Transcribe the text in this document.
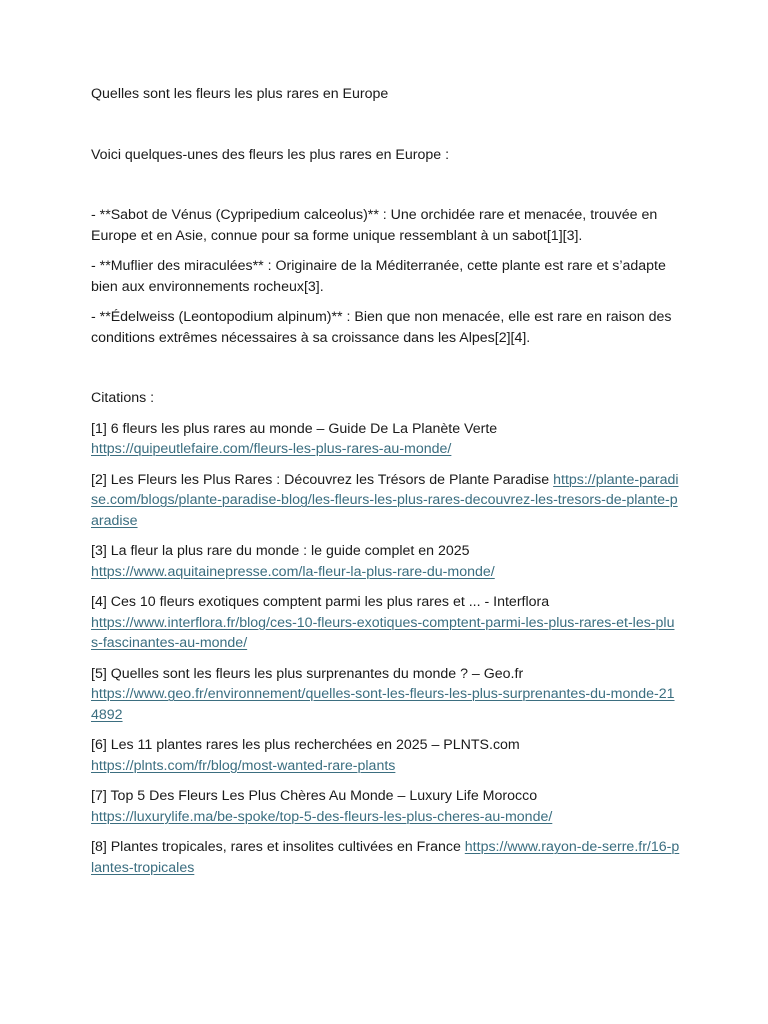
Quelles sont les fleurs les plus rares en Europe

Voici quelques-unes des fleurs les plus rares en Europe :

- **Sabot de Vénus (Cypripedium calceolus)** : Une orchidée rare et menacée, trouvée en Europe et en Asie, connue pour sa forme unique ressemblant à un sabot[1][3].

- **Muflier des miraculées** : Originaire de la Méditerranée, cette plante est rare et s’adapte bien aux environnements rocheux[3].

- **Édelweiss (Leontopodium alpinum)** : Bien que non menacée, elle est rare en raison des conditions extrêmes nécessaires à sa croissance dans les Alpes[2][4].

Citations :

[1] 6 fleurs les plus rares au monde – Guide De La Planète Verte
https://quipeutlefaire.com/fleurs-les-plus-rares-au-monde/

[2] Les Fleurs les Plus Rares : Découvrez les Trésors de Plante Paradise https://plante-paradise.com/blogs/plante-paradise-blog/les-fleurs-les-plus-rares-decouvrez-les-tresors-de-plante-paradise

[3] La fleur la plus rare du monde : le guide complet en 2025
https://www.aquitainepresse.com/la-fleur-la-plus-rare-du-monde/

[4] Ces 10 fleurs exotiques comptent parmi les plus rares et ... - Interflora
https://www.interflora.fr/blog/ces-10-fleurs-exotiques-comptent-parmi-les-plus-rares-et-les-plus-fascinantes-au-monde/

[5] Quelles sont les fleurs les plus surprenantes du monde ? – Geo.fr
https://www.geo.fr/environnement/quelles-sont-les-fleurs-les-plus-surprenantes-du-monde-214892

[6] Les 11 plantes rares les plus recherchées en 2025 – PLNTS.com
https://plnts.com/fr/blog/most-wanted-rare-plants

[7] Top 5 Des Fleurs Les Plus Chères Au Monde – Luxury Life Morocco
https://luxurylife.ma/be-spoke/top-5-des-fleurs-les-plus-cheres-au-monde/

[8] Plantes tropicales, rares et insolites cultivées en France https://www.rayon-de-serre.fr/16-plantes-tropicales
